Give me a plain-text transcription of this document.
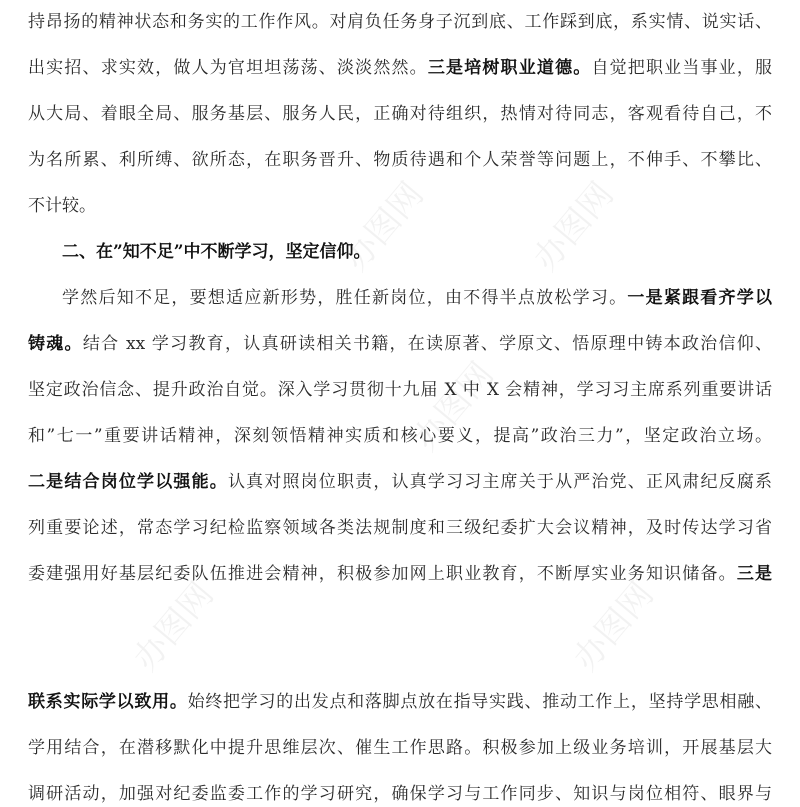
持昂扬的精神状态和务实的工作作风。对肩负任务身子沉到底、工作踩到底，系实情、说实话、
出实招、求实效，做人为官坦坦荡荡、淡淡然然。三是培树职业道德。自觉把职业当事业，服
从大局、着眼全局、服务基层、服务人民，正确对待组织，热情对待同志，客观看待自己，不
为名所累、利所缚、欲所态，在职务晋升、物质待遇和个人荣誉等问题上，不伸手、不攀比、
不计较。
二、在”知不足”中不断学习，坚定信仰。
学然后知不足，要想适应新形势，胜任新岗位，由不得半点放松学习。一是紧跟看齐学以
铸魂。结合 xx 学习教育，认真研读相关书籍，在读原著、学原文、悟原理中铸本政治信仰、
坚定政治信念、提升政治自觉。深入学习贯彻十九届 X 中 X 会精神，学习习主席系列重要讲话
和”七一”重要讲话精神，深刻领悟精神实质和核心要义，提高”政治三力”，坚定政治立场。
二是结合岗位学以强能。认真对照岗位职责，认真学习习主席关于从严治党、正风肃纪反腐系
列重要论述，常态学习纪检监察领域各类法规制度和三级纪委扩大会议精神，及时传达学习省
委建强用好基层纪委队伍推进会精神，积极参加网上职业教育，不断厚实业务知识储备。三是
联系实际学以致用。始终把学习的出发点和落脚点放在指导实践、推动工作上，坚持学思相融、
学用结合，在潜移默化中提升思维层次、催生工作思路。积极参加上级业务培训，开展基层大
调研活动，加强对纪委监委工作的学习研究，确保学习与工作同步、知识与岗位相符、眼界与
办图网	办图网
办图网
办图网	办图网
